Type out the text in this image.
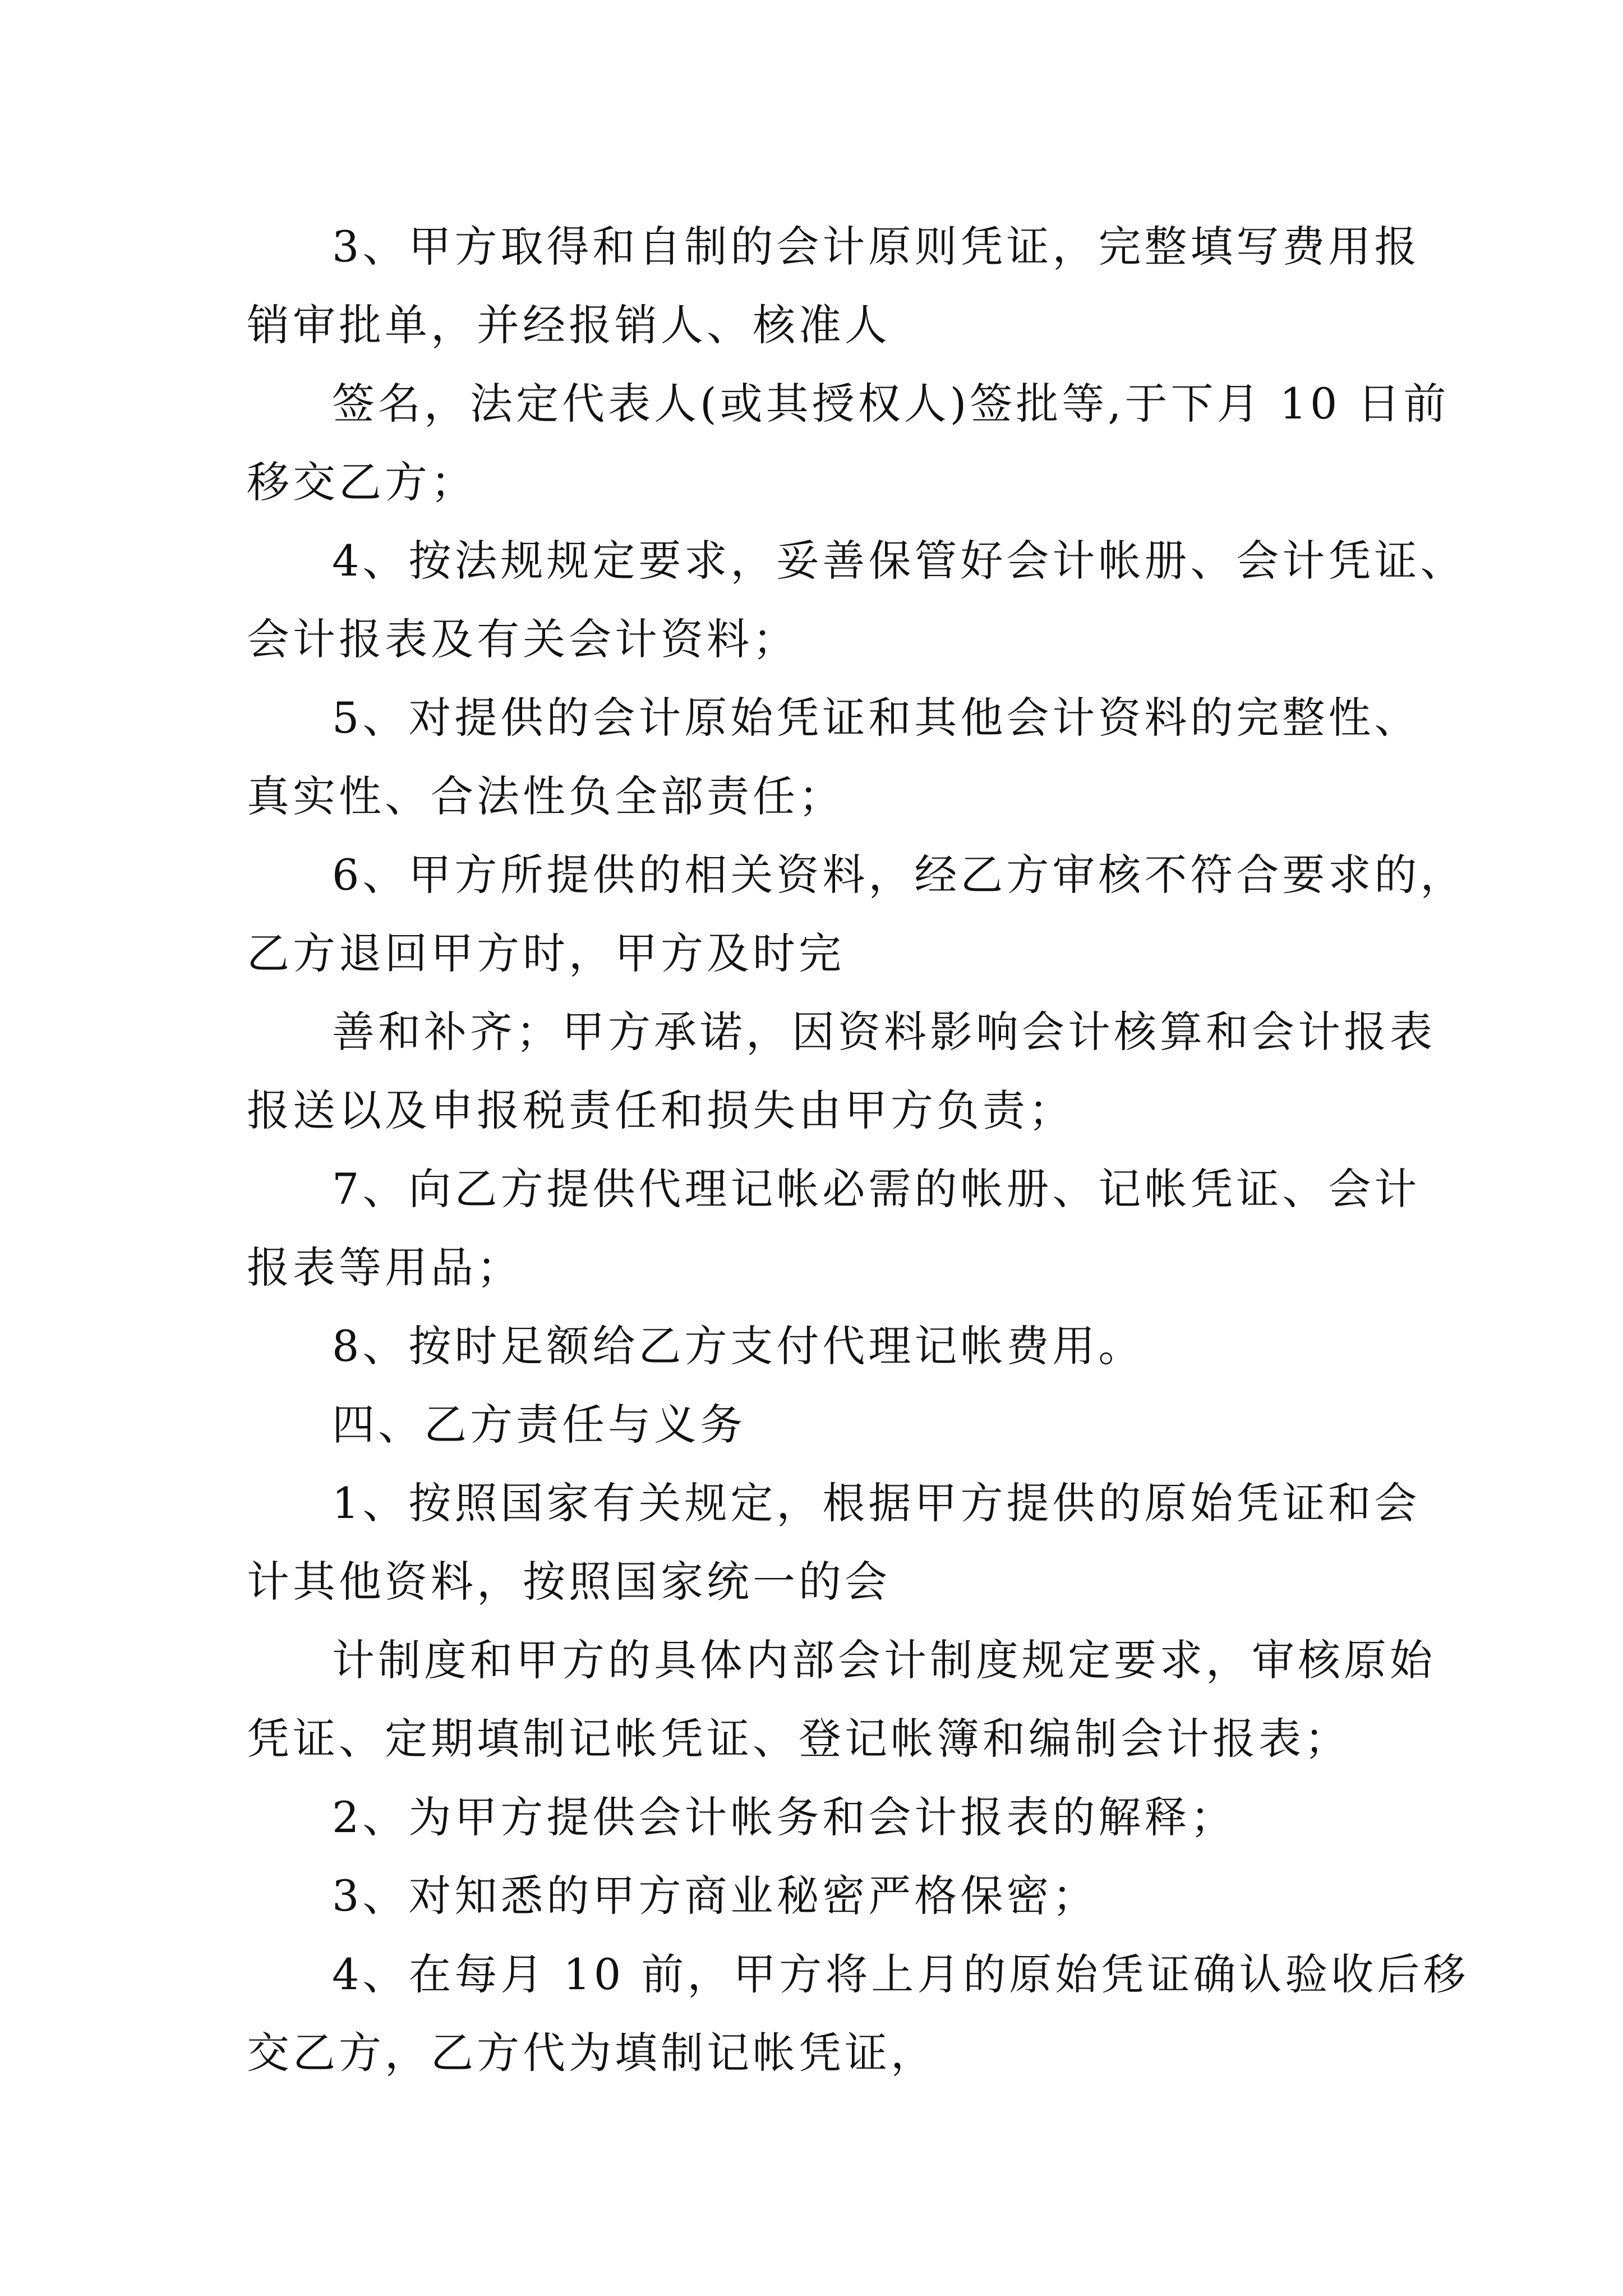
3、甲方取得和自制的会计原则凭证，完整填写费用报
销审批单，并经报销人、核准人
签名，法定代表人(或其授权人)签批等,于下月 10 日前
移交乙方；
4、按法规规定要求，妥善保管好会计帐册、会计凭证、
会计报表及有关会计资料；
5、对提供的会计原始凭证和其他会计资料的完整性、
真实性、合法性负全部责任；
6、甲方所提供的相关资料，经乙方审核不符合要求的，
乙方退回甲方时，甲方及时完
善和补齐；甲方承诺，因资料影响会计核算和会计报表
报送以及申报税责任和损失由甲方负责；
7、向乙方提供代理记帐必需的帐册、记帐凭证、会计
报表等用品；
8、按时足额给乙方支付代理记帐费用。
四、乙方责任与义务
1、按照国家有关规定，根据甲方提供的原始凭证和会
计其他资料，按照国家统一的会
计制度和甲方的具体内部会计制度规定要求，审核原始
凭证、定期填制记帐凭证、登记帐簿和编制会计报表；
2、为甲方提供会计帐务和会计报表的解释；
3、对知悉的甲方商业秘密严格保密；
4、在每月 10 前，甲方将上月的原始凭证确认验收后移
交乙方，乙方代为填制记帐凭证，
